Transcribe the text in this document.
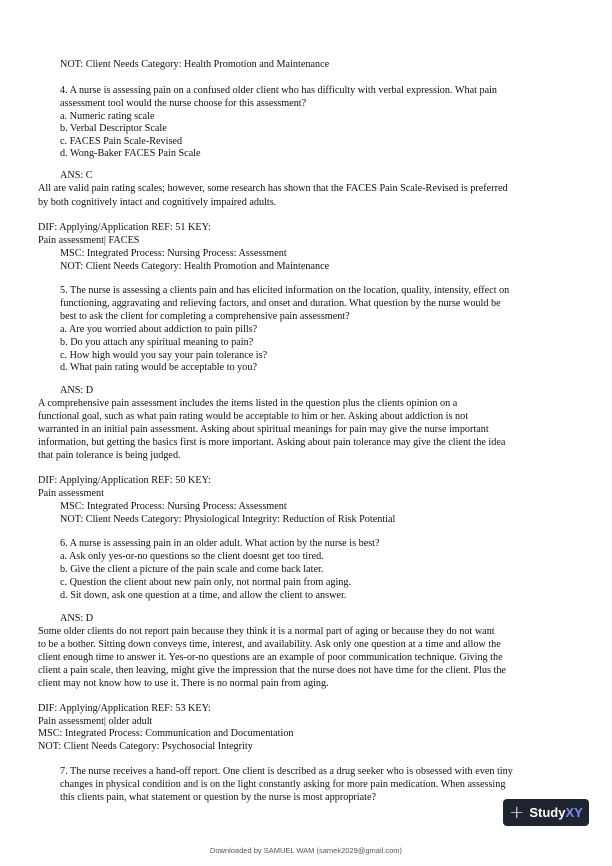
NOT: Client Needs Category: Health Promotion and Maintenance
4. A nurse is assessing pain on a confused older client who has difficulty with verbal expression. What pain
assessment tool would the nurse choose for this assessment?
a. Numeric rating scale
b. Verbal Descriptor Scale
c. FACES Pain Scale-Revised
d. Wong-Baker FACES Pain Scale
ANS: C
All are valid pain rating scales; however, some research has shown that the FACES Pain Scale-Revised is preferred
by both cognitively intact and cognitively impaired adults.
DIF: Applying/Application REF: 51 KEY:
Pain assessment| FACES
MSC: Integrated Process: Nursing Process: Assessment
NOT: Client Needs Category: Health Promotion and Maintenance
5. The nurse is assessing a clients pain and has elicited information on the location, quality, intensity, effect on
functioning, aggravating and relieving factors, and onset and duration. What question by the nurse would be
best to ask the client for completing a comprehensive pain assessment?
a. Are you worried about addiction to pain pills?
b. Do you attach any spiritual meaning to pain?
c. How high would you say your pain tolerance is?
d. What pain rating would be acceptable to you?
ANS: D
A comprehensive pain assessment includes the items listed in the question plus the clients opinion on a
functional goal, such as what pain rating would be acceptable to him or her. Asking about addiction is not
warranted in an initial pain assessment. Asking about spiritual meanings for pain may give the nurse important
information, but getting the basics first is more important. Asking about pain tolerance may give the client the idea
that pain tolerance is being judged.
DIF: Applying/Application REF: 50 KEY:
Pain assessment
MSC: Integrated Process: Nursing Process: Assessment
NOT: Client Needs Category: Physiological Integrity: Reduction of Risk Potential
6. A nurse is assessing pain in an older adult. What action by the nurse is best?
a. Ask only yes-or-no questions so the client doesnt get too tired.
b. Give the client a picture of the pain scale and come back later.
c. Question the client about new pain only, not normal pain from aging.
d. Sit down, ask one question at a time, and allow the client to answer.
ANS: D
Some older clients do not report pain because they think it is a normal part of aging or because they do not want
to be a bother. Sitting down conveys time, interest, and availability. Ask only one question at a time and allow the
client enough time to answer it. Yes-or-no questions are an example of poor communication technique. Giving the
client a pain scale, then leaving, might give the impression that the nurse does not have time for the client. Plus the
client may not know how to use it. There is no normal pain from aging.
DIF: Applying/Application REF: 53 KEY:
Pain assessment| older adult
MSC: Integrated Process: Communication and Documentation
NOT: Client Needs Category: Psychosocial Integrity
7. The nurse receives a hand-off report. One client is described as a drug seeker who is obsessed with even tiny
changes in physical condition and is on the light constantly asking for more pain medication. When assessing
this clients pain, what statement or question by the nurse is most appropriate?
+ StudyXY
Downloaded by SAMUEL WAM (samek2029@gmail.com)
